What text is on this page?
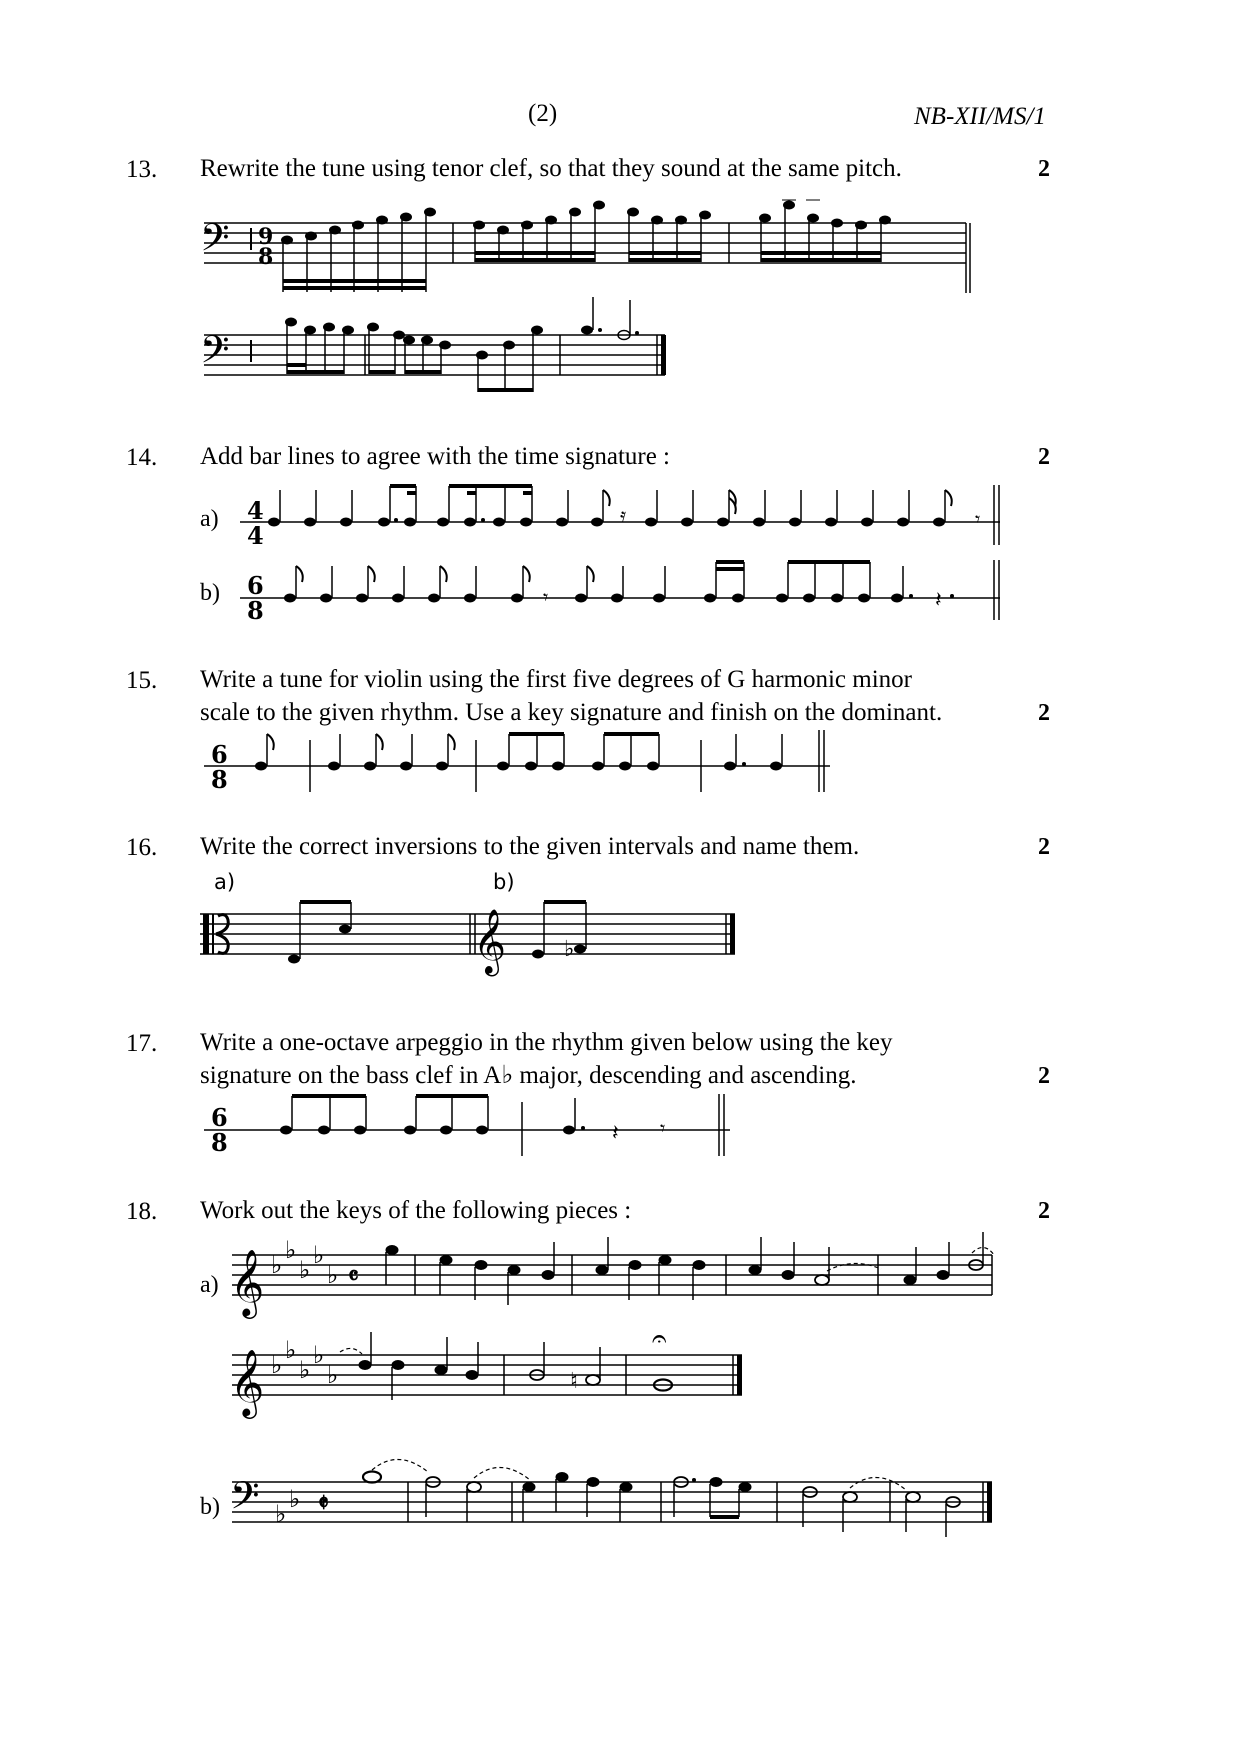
(2)	NB-XII/MS/1
13. Rewrite the tune using tenor clef, so that they sound at the same pitch.	2
14. Add bar lines to agree with the time signature :	2
a)
b)
15. Write a tune for violin using the first five degrees of G harmonic minor
scale to the given rhythm. Use a key signature and finish on the dominant.	2
16. Write the correct inversions to the given intervals and name them.	2
a)	b)
17. Write a one-octave arpeggio in the rhythm given below using the key
signature on the bass clef in A♭ major, descending and ascending.	2
18. Work out the keys of the following pieces :	2
a)
b)
𝄢 9
8
𝄢
4
4
𝄿	𝄾
6
8	𝄾	𝄽
6
8
𝄞	♭
6
8	𝄽 𝄾
𝄞 ♭
♭
♭
♭
♭ 𝄴
𝄞 ♭
♭
♭
♭
♭	♮
𝄐
𝄢 ♭
♭ 𝄵
